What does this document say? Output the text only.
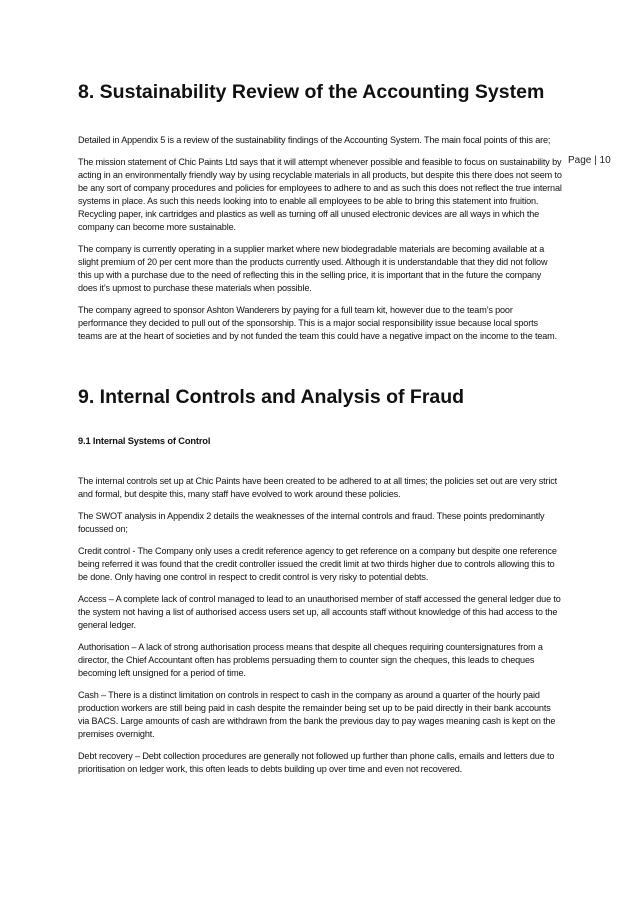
Page | 10
8. Sustainability Review of the Accounting System

Detailed in Appendix 5 is a review of the sustainability findings of the Accounting System. The main focal points of this are;

The mission statement of Chic Paints Ltd says that it will attempt whenever possible and feasible to focus on sustainability by acting in an environmentally friendly way by using recyclable materials in all products, but despite this there does not seem to be any sort of company procedures and policies for employees to adhere to and as such this does not reflect the true internal systems in place. As such this needs looking into to enable all employees to be able to bring this statement into fruition. Recycling paper, ink cartridges and plastics as well as turning off all unused electronic devices are all ways in which the company can become more sustainable.

The company is currently operating in a supplier market where new biodegradable materials are becoming available at a slight premium of 20 per cent more than the products currently used. Although it is understandable that they did not follow this up with a purchase due to the need of reflecting this in the selling price, it is important that in the future the company does it’s upmost to purchase these materials when possible.

The company agreed to sponsor Ashton Wanderers by paying for a full team kit, however due to the team’s poor performance they decided to pull out of the sponsorship. This is a major social responsibility issue because local sports teams are at the heart of societies and by not funded the team this could have a negative impact on the income to the team.

9. Internal Controls and Analysis of Fraud

9.1 Internal Systems of Control

The internal controls set up at Chic Paints have been created to be adhered to at all times; the policies set out are very strict and formal, but despite this, many staff have evolved to work around these policies.

The SWOT analysis in Appendix 2 details the weaknesses of the internal controls and fraud. These points predominantly focussed on;

Credit control - The Company only uses a credit reference agency to get reference on a company but despite one reference being referred it was found that the credit controller issued the credit limit at two thirds higher due to controls allowing this to be done. Only having one control in respect to credit control is very risky to potential debts.

Access – A complete lack of control managed to lead to an unauthorised member of staff accessed the general ledger due to the system not having a list of authorised access users set up, all accounts staff without knowledge of this had access to the general ledger.

Authorisation – A lack of strong authorisation process means that despite all cheques requiring countersignatures from a director, the Chief Accountant often has problems persuading them to counter sign the cheques, this leads to cheques becoming left unsigned for a period of time.

Cash – There is a distinct limitation on controls in respect to cash in the company as around a quarter of the hourly paid production workers are still being paid in cash despite the remainder being set up to be paid directly in their bank accounts via BACS. Large amounts of cash are withdrawn from the bank the previous day to pay wages meaning cash is kept on the premises overnight.

Debt recovery – Debt collection procedures are generally not followed up further than phone calls, emails and letters due to prioritisation on ledger work, this often leads to debts building up over time and even not recovered.
